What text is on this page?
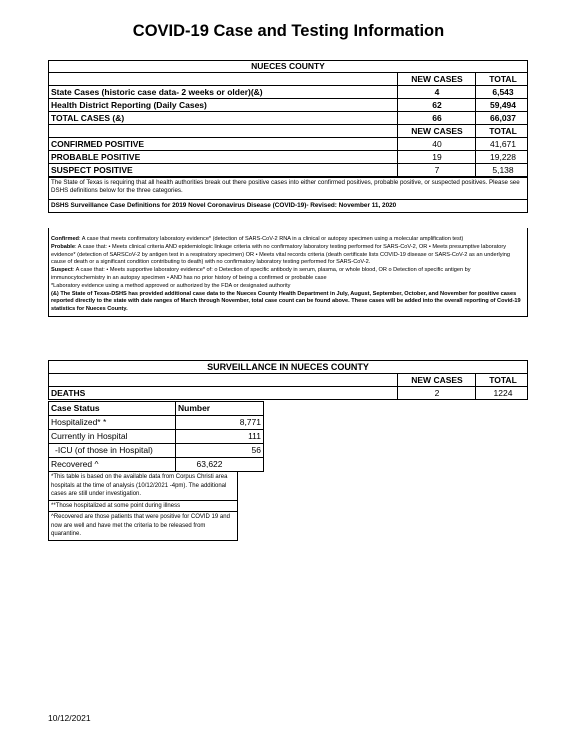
COVID-19 Case and Testing Information
NUECES COUNTY
NEW CASES	TOTAL
State Cases (historic case data- 2 weeks or older)(&)	4	6,543
Health District Reporting (Daily Cases)	62	59,494
TOTAL CASES (&)	66	66,037
NEW CASES	TOTAL
CONFIRMED POSITIVE	40	41,671
PROBABLE POSITIVE	19	19,228
SUSPECT POSITIVE	7	5,138
The State of Texas is requiring that all health authorities break out there positive cases into either confirmed positives, probable positive, or suspected positives. Please see DSHS definitions below for the three categories.
DSHS Surveillance Case Definitions for 2019 Novel Coronavirus Disease (COVID-19)- Revised: November 11, 2020

Confirmed: A case that meets confirmatory laboratory evidence* (detection of SARS-CoV-2 RNA in a clinical or autopsy specimen using a molecular amplification test)

Probable: A case that: • Meets clinical criteria AND epidemiologic linkage criteria with no confirmatory laboratory testing performed for SARS-CoV-2, OR • Meets presumptive laboratory evidence* (detection of SARSCoV-2 by antigen test in a respiratory specimen) OR • Meets vital records criteria (death certificate lists COVID-19 disease or SARS-CoV-2 as an underlying cause of death or a significant condition contributing to death) with no confirmatory laboratory testing performed for SARS-CoV-2.

Suspect: A case that: • Meets supportive laboratory evidence* of: o Detection of specific antibody in serum, plasma, or whole blood, OR o Detection of specific antigen by immunocytochemistry in an autopsy specimen • AND has no prior history of being a confirmed or probable case

*Laboratory evidence using a method approved or authorized by the FDA or designated authority

(&) The State of Texas-DSHS has provided additional case data to the Nueces County Health Department in July, August, September, October, and November for positive cases reported directly to the state with date ranges of March through November, total case count can be found above. These cases will be added into the overall reporting of Covid-19 statistics for Nueces County.

SURVEILLANCE IN NUECES COUNTY
NEW CASES	TOTAL
DEATHS	2	1224
Case Status	Number
Hospitalized* *	8,771
Currently in Hospital	111
-ICU (of those in Hospital)	56
Recovered ^	63,622
*This table is based on the available data from Corpus Christi area hospitals at the time of analysis (10/12/2021 -4pm). The additional cases are still under investigation.
**Those hospitalized at some point during illness
^Recovered are those patients that were positive for COVID 19 and now are well and have met the criteria to be released from quarantine.
10/12/2021
